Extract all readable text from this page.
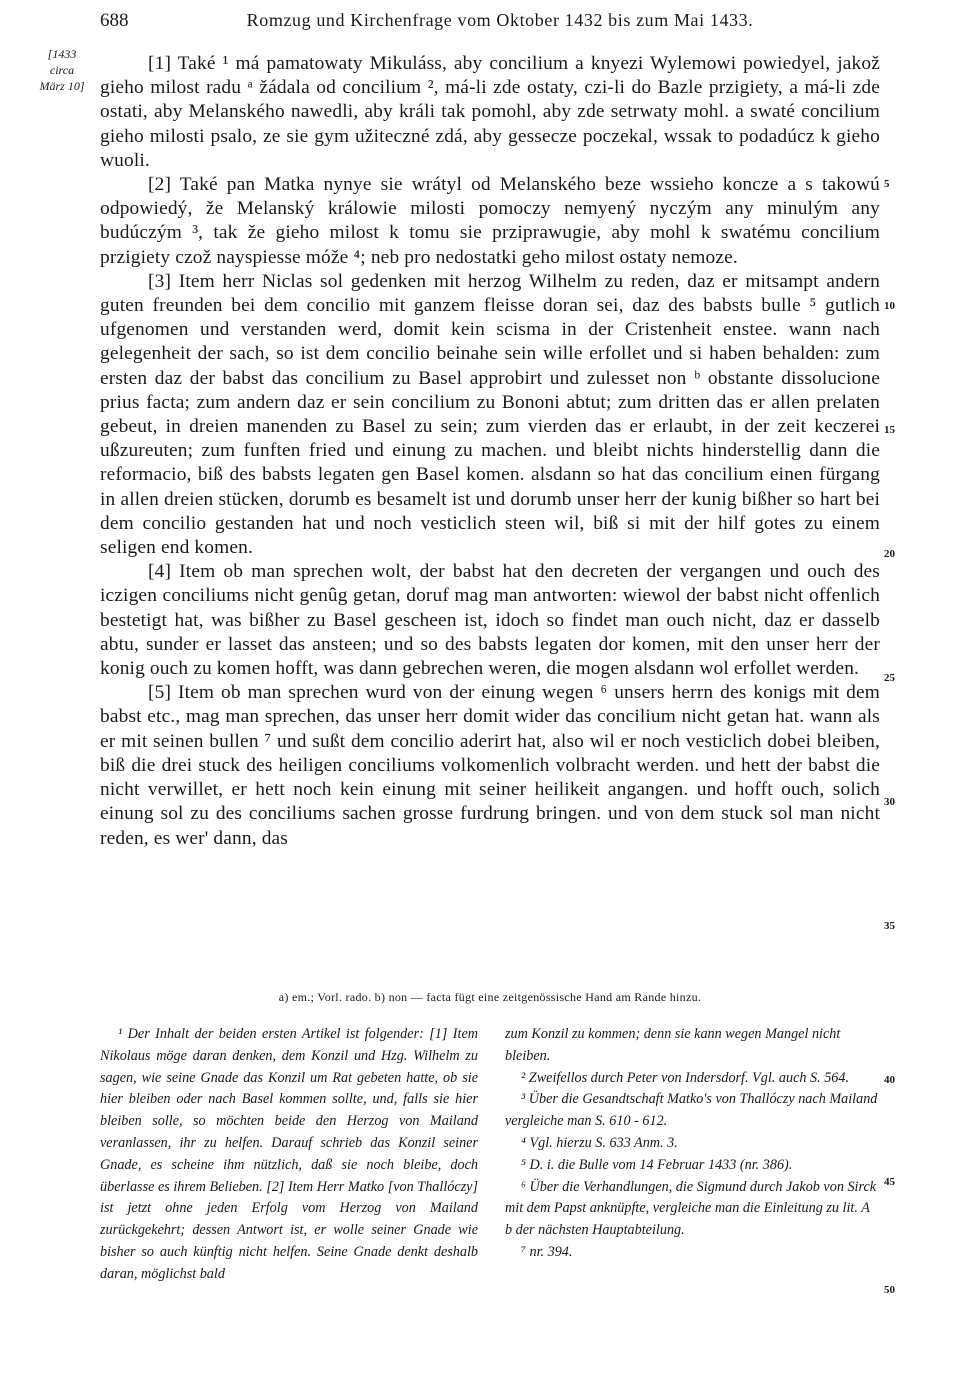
688	Romzug und Kirchenfrage vom Oktober 1432 bis zum Mai 1433.
[1433
circa
März 10]

[1] Také ¹ má pamatowaty Mikuláss, aby concilium a knyezi Wylemowi powiedyel, jakož gieho milost radu ᵃ žádala od concilium ², má-li zde ostaty, czi-li do Bazle przigiety, a má-li zde ostati, aby Melanského nawedli, aby králi tak pomohl, aby zde setrwaty mohl. a swaté concilium gieho milosti psalo, ze sie gym užiteczné zdá, aby gessecze poczekal, wssak to podadúcz k gieho wuoli.

[2] Také pan Matka nynye sie wrátyl od Melanského beze wssieho koncze a s takowú odpowiedý, že Melanský králowie milosti pomoczy nemyený nyczým any minulým any budúczým ³, tak že gieho milost k tomu sie prziprawugie, aby mohl k swatému concilium przigiety czož nayspiesse móže ⁴; neb pro nedostatki geho milost ostaty nemoze.

[3] Item herr Niclas sol gedenken mit herzog Wilhelm zu reden, daz er mitsampt andern guten freunden bei dem concilio mit ganzem fleisse doran sei, daz des babsts bulle ⁵ gutlich ufgenomen und verstanden werd, domit kein scisma in der Cristenheit enstee. wann nach gelegenheit der sach, so ist dem concilio beinahe sein wille erfollet und si haben behalden: zum ersten daz der babst das concilium zu Basel approbirt und zulesset non ᵇ obstante dissolucione prius facta; zum andern daz er sein concilium zu Bononi abtut; zum dritten das er allen prelaten gebeut, in dreien manenden zu Basel zu sein; zum vierden das er erlaubt, in der zeit keczerei ußzureuten; zum funften fried und einung zu machen. und bleibt nichts hinderstellig dann die reformacio, biß des babsts legaten gen Basel komen. alsdann so hat das concilium einen fürgang in allen dreien stücken, dorumb es besamelt ist und dorumb unser herr der kunig bißher so hart bei dem concilio gestanden hat und noch vesticlich steen wil, biß si mit der hilf gotes zu einem seligen end komen.

[4] Item ob man sprechen wolt, der babst hat den decreten der vergangen und ouch des iczigen conciliums nicht genûg getan, doruf mag man antworten: wiewol der babst nicht offenlich bestetigt hat, was bißher zu Basel gescheen ist, idoch so findet man ouch nicht, daz er dasselb abtu, sunder er lasset das ansteen; und so des babsts legaten dor komen, mit den unser herr der konig ouch zu komen hofft, was dann gebrechen weren, die mogen alsdann wol erfollet werden.

[5] Item ob man sprechen wurd von der einung wegen ⁶ unsers herrn des konigs mit dem babst etc., mag man sprechen, das unser herr domit wider das concilium nicht getan hat. wann als er mit seinen bullen ⁷ und sußt dem concilio aderirt hat, also wil er noch vesticlich dobei bleiben, biß die drei stuck des heiligen conciliums volkomenlich volbracht werden. und hett der babst die nicht verwillet, er hett noch kein einung mit seiner heilikeit angangen. und hofft ouch, solich einung sol zu des conciliums sachen grosse furdrung bringen. und von dem stuck sol man nicht reden, es wer' dann, das

5
10
15
20
25
30
35
40
45
50
a) em.; Vorl. rado. b) non — facta fügt eine zeitgenössische Hand am Rande hinzu.

¹ Der Inhalt der beiden ersten Artikel ist folgender: [1] Item Nikolaus möge daran denken, dem Konzil und Hzg. Wilhelm zu sagen, wie seine Gnade das Konzil um Rat gebeten hatte, ob sie hier bleiben oder nach Basel kommen sollte, und, falls sie hier bleiben solle, so möchten beide den Herzog von Mailand veranlassen, ihr zu helfen. Darauf schrieb das Konzil seiner Gnade, es scheine ihm nützlich, daß sie noch bleibe, doch überlasse es ihrem Belieben. [2] Item Herr Matko [von Thallóczy] ist jetzt ohne jeden Erfolg vom Herzog von Mailand zurückgekehrt; dessen Antwort ist, er wolle seiner Gnade wie bisher so auch künftig nicht helfen. Seine Gnade denkt deshalb daran, möglichst bald

zum Konzil zu kommen; denn sie kann wegen Mangel nicht bleiben.

² Zweifellos durch Peter von Indersdorf. Vgl. auch S. 564.

³ Über die Gesandtschaft Matko's von Thallóczy nach Mailand vergleiche man S. 610 - 612.

⁴ Vgl. hierzu S. 633 Anm. 3.

⁵ D. i. die Bulle vom 14 Februar 1433 (nr. 386).

⁶ Über die Verhandlungen, die Sigmund durch Jakob von Sirck mit dem Papst anknüpfte, vergleiche man die Einleitung zu lit. A b der nächsten Hauptabteilung.

⁷ nr. 394.
